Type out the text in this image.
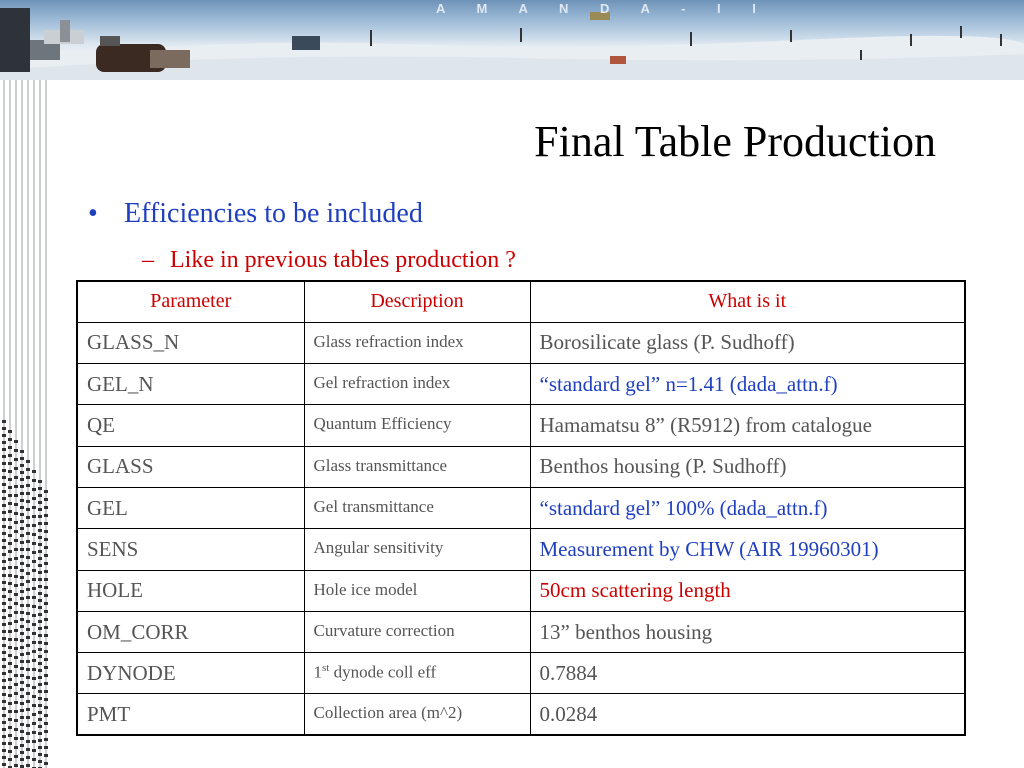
A M A N D A - I I
Final Table Production
• Efficiencies to be included
– Like in previous tables production ?
Parameter	Description	What is it
GLASS_N	Glass refraction index	Borosilicate glass (P. Sudhoff)
GEL_N	Gel refraction index	“standard gel” n=1.41 (dada_attn.f)
QE	Quantum Efficiency	Hamamatsu 8” (R5912) from catalogue
GLASS	Glass transmittance	Benthos housing (P. Sudhoff)
GEL	Gel transmittance	“standard gel” 100% (dada_attn.f)
SENS	Angular sensitivity	Measurement by CHW (AIR 19960301)
HOLE	Hole ice model	50cm scattering length
OM_CORR	Curvature correction	13” benthos housing
DYNODE	1st dynode coll eff	0.7884
PMT	Collection area (m^2)	0.0284
